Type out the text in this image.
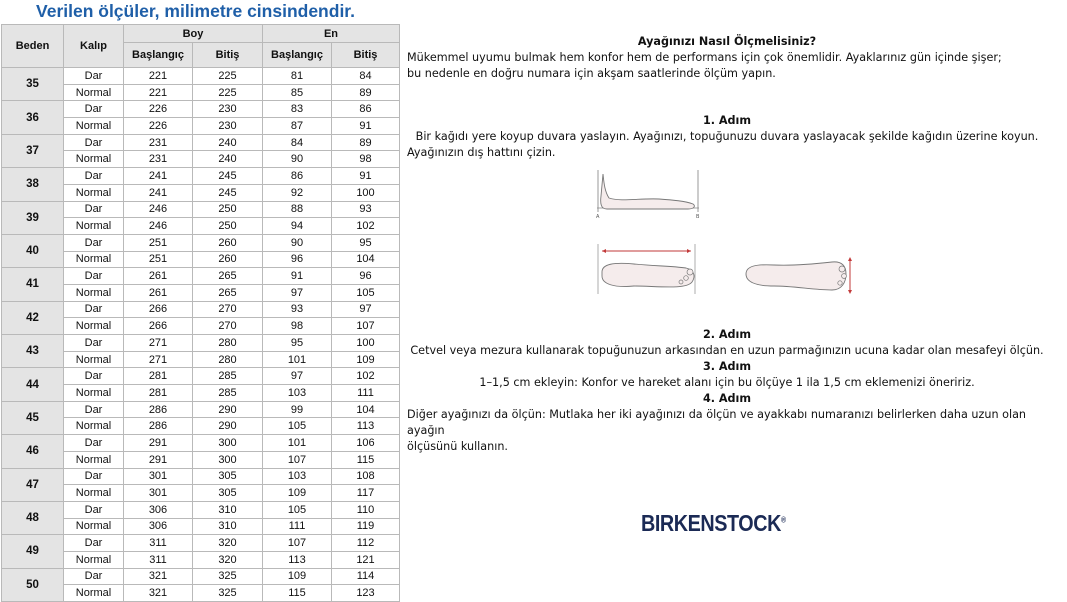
Verilen ölçüler, milimetre cinsindendir.
Beden	Kalıp	Boy		En	
		Başlangıç	Bitiş	Başlangıç	Bitiş
35	Dar	221	225	81	84
	Normal	221	225	85	89
36	Dar	226	230	83	86
	Normal	226	230	87	91
37	Dar	231	240	84	89
	Normal	231	240	90	98
38	Dar	241	245	86	91
	Normal	241	245	92	100
39	Dar	246	250	88	93
	Normal	246	250	94	102
40	Dar	251	260	90	95
	Normal	251	260	96	104
41	Dar	261	265	91	96
	Normal	261	265	97	105
42	Dar	266	270	93	97
	Normal	266	270	98	107
43	Dar	271	280	95	100
	Normal	271	280	101	109
44	Dar	281	285	97	102
	Normal	281	285	103	111
45	Dar	286	290	99	104
	Normal	286	290	105	113
46	Dar	291	300	101	106
	Normal	291	300	107	115
47	Dar	301	305	103	108
	Normal	301	305	109	117
48	Dar	306	310	105	110
	Normal	306	310	111	119
49	Dar	311	320	107	112
	Normal	311	320	113	121
50	Dar	321	325	109	114
	Normal	321	325	115	123

Ayağınızı Nasıl Ölçmelisiniz?

Mükemmel uyumu bulmak hem konfor hem de performans için çok önemlidir. Ayaklarınız gün içinde şişer;

bu nedenle en doğru numara için akşam saatlerinde ölçüm yapın.

1. Adım

Bir kağıdı yere koyup duvara yaslayın. Ayağınızı, topuğunuzu duvara yaslayacak şekilde kağıdın üzerine koyun.

Ayağınızın dış hattını çizin.

A	B

2. Adım

Cetvel veya mezura kullanarak topuğunuzun arkasından en uzun parmağınızın ucuna kadar olan mesafeyi ölçün.

3. Adım

1–1,5 cm ekleyin: Konfor ve hareket alanı için bu ölçüye 1 ila 1,5 cm eklemenizi öneririz.

4. Adım

Diğer ayağınızı da ölçün: Mutlaka her iki ayağınızı da ölçün ve ayakkabı numaranızı belirlerken daha uzun olan ayağın

ölçüsünü kullanın.

BIRKENSTOCK®
